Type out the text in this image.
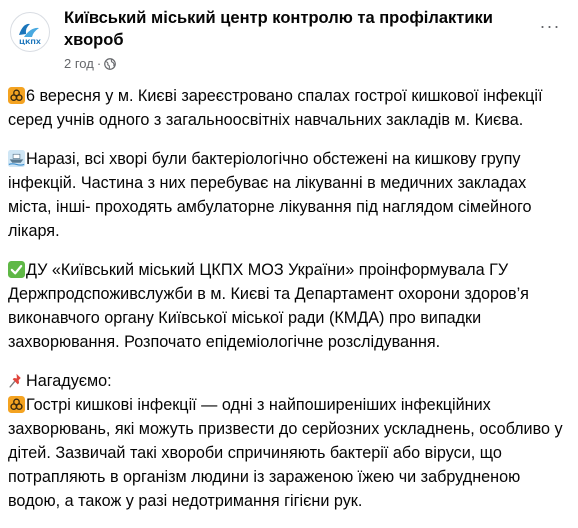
ЦКПХ
Київський міський центр контролю та профілактики хвороб
2 год ·
···

6 вересня у м. Києві зареєстровано спалах гострої кишкової інфекції серед учнів одного з загальноосвітніх навчальних закладів м. Києва.

Наразі, всі хворі були бактеріологічно обстежені на кишкову групу інфекцій. Частина з них перебуває на лікуванні в медичних закладах міста, інші- проходять амбулаторне лікування під наглядом сімейного лікаря.

ДУ «Київський міський ЦКПХ МОЗ України» проінформувала ГУ Держпродспоживслужби в м. Києві та Департамент охорони здоров’я виконавчого органу Київської міської ради (КМДА) про випадки захворювання. Розпочато епідеміологічне розслідування.

Нагадуємо:

Гострі кишкові інфекції — одні з найпоширеніших інфекційних захворювань, які можуть призвести до серйозних ускладнень, особливо у дітей. Зазвичай такі хвороби спричиняють бактерії або віруси, що потрапляють в організм людини із зараженою їжею чи забрудненою водою, а також у разі недотримання гігієни рук.
